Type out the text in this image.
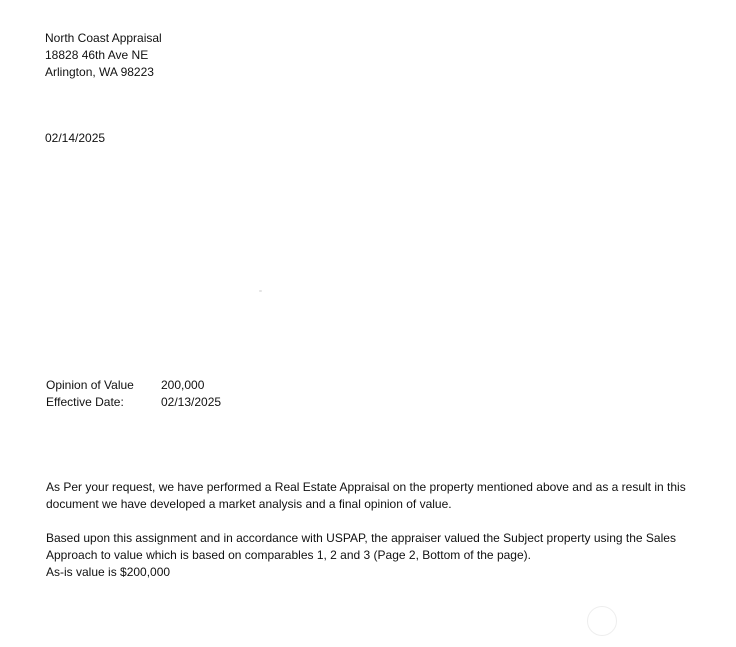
North Coast Appraisal
18828 46th Ave NE
Arlington, WA 98223
02/14/2025
Opinion of Value	200,000
Effective Date:	02/13/2025

As Per your request, we have performed a Real Estate Appraisal on the property mentioned above and as a result in this document we have developed a market analysis and a final opinion of value.

Based upon this assignment and in accordance with USPAP, the appraiser valued the Subject property using the Sales Approach to value which is based on comparables 1, 2 and 3 (Page 2, Bottom of the page).

As-is value is $200,000
